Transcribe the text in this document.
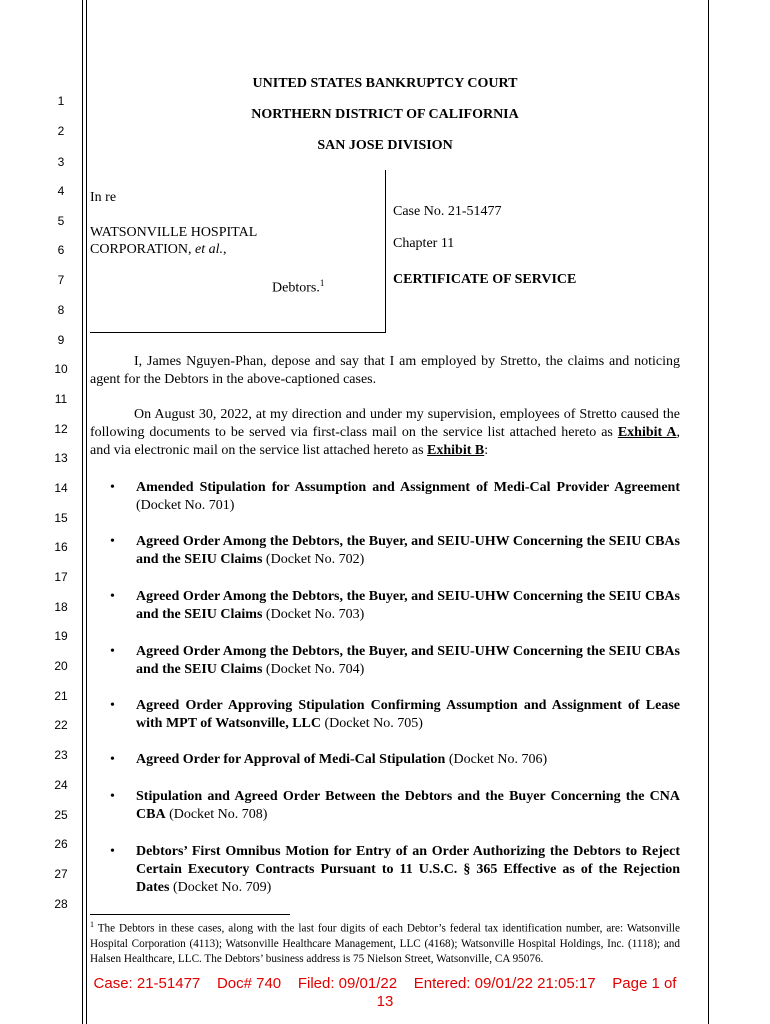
1
2
3
4
5
6
7
8
9
10
11
12
13
14
15
16
17
18
19
20
21
22
23
24
25
26
27
28
UNITED STATES BANKRUPTCY COURT
NORTHERN DISTRICT OF CALIFORNIA
SAN JOSE DIVISION
In re
WATSONVILLE HOSPITAL
CORPORATION, et al.,
Debtors.$^1$
Case No. 21-51477
Chapter 11
CERTIFICATE OF SERVICE
I, James Nguyen-Phan, depose and say that I am employed by Stretto, the claims and noticing agent for the Debtors in the above-captioned cases.
On August 30, 2022, at my direction and under my supervision, employees of Stretto caused the following documents to be served via first-class mail on the service list attached hereto as Exhibit A, and via electronic mail on the service list attached hereto as Exhibit B:
• Amended Stipulation for Assumption and Assignment of Medi-Cal Provider Agreement (Docket No. 701)
• Agreed Order Among the Debtors, the Buyer, and SEIU-UHW Concerning the SEIU CBAs and the SEIU Claims (Docket No. 702)
• Agreed Order Among the Debtors, the Buyer, and SEIU-UHW Concerning the SEIU CBAs and the SEIU Claims (Docket No. 703)
• Agreed Order Among the Debtors, the Buyer, and SEIU-UHW Concerning the SEIU CBAs and the SEIU Claims (Docket No. 704)
• Agreed Order Approving Stipulation Confirming Assumption and Assignment of Lease with MPT of Watsonville, LLC (Docket No. 705)
• Agreed Order for Approval of Medi-Cal Stipulation (Docket No. 706)
• Stipulation and Agreed Order Between the Debtors and the Buyer Concerning the CNA CBA (Docket No. 708)
• Debtors’ First Omnibus Motion for Entry of an Order Authorizing the Debtors to Reject Certain Executory Contracts Pursuant to 11 U.S.C. § 365 Effective as of the Rejection Dates (Docket No. 709)
$^1$ The Debtors in these cases, along with the last four digits of each Debtor’s federal tax identification number, are: Watsonville Hospital Corporation (4113); Watsonville Healthcare Management, LLC (4168); Watsonville Hospital Holdings, Inc. (1118); and Halsen Healthcare, LLC. The Debtors’ business address is 75 Nielson Street, Watsonville, CA 95076.
Case: 21-51477 Doc# 740 Filed: 09/01/22 Entered: 09/01/22 21:05:17 Page 1 of
13
